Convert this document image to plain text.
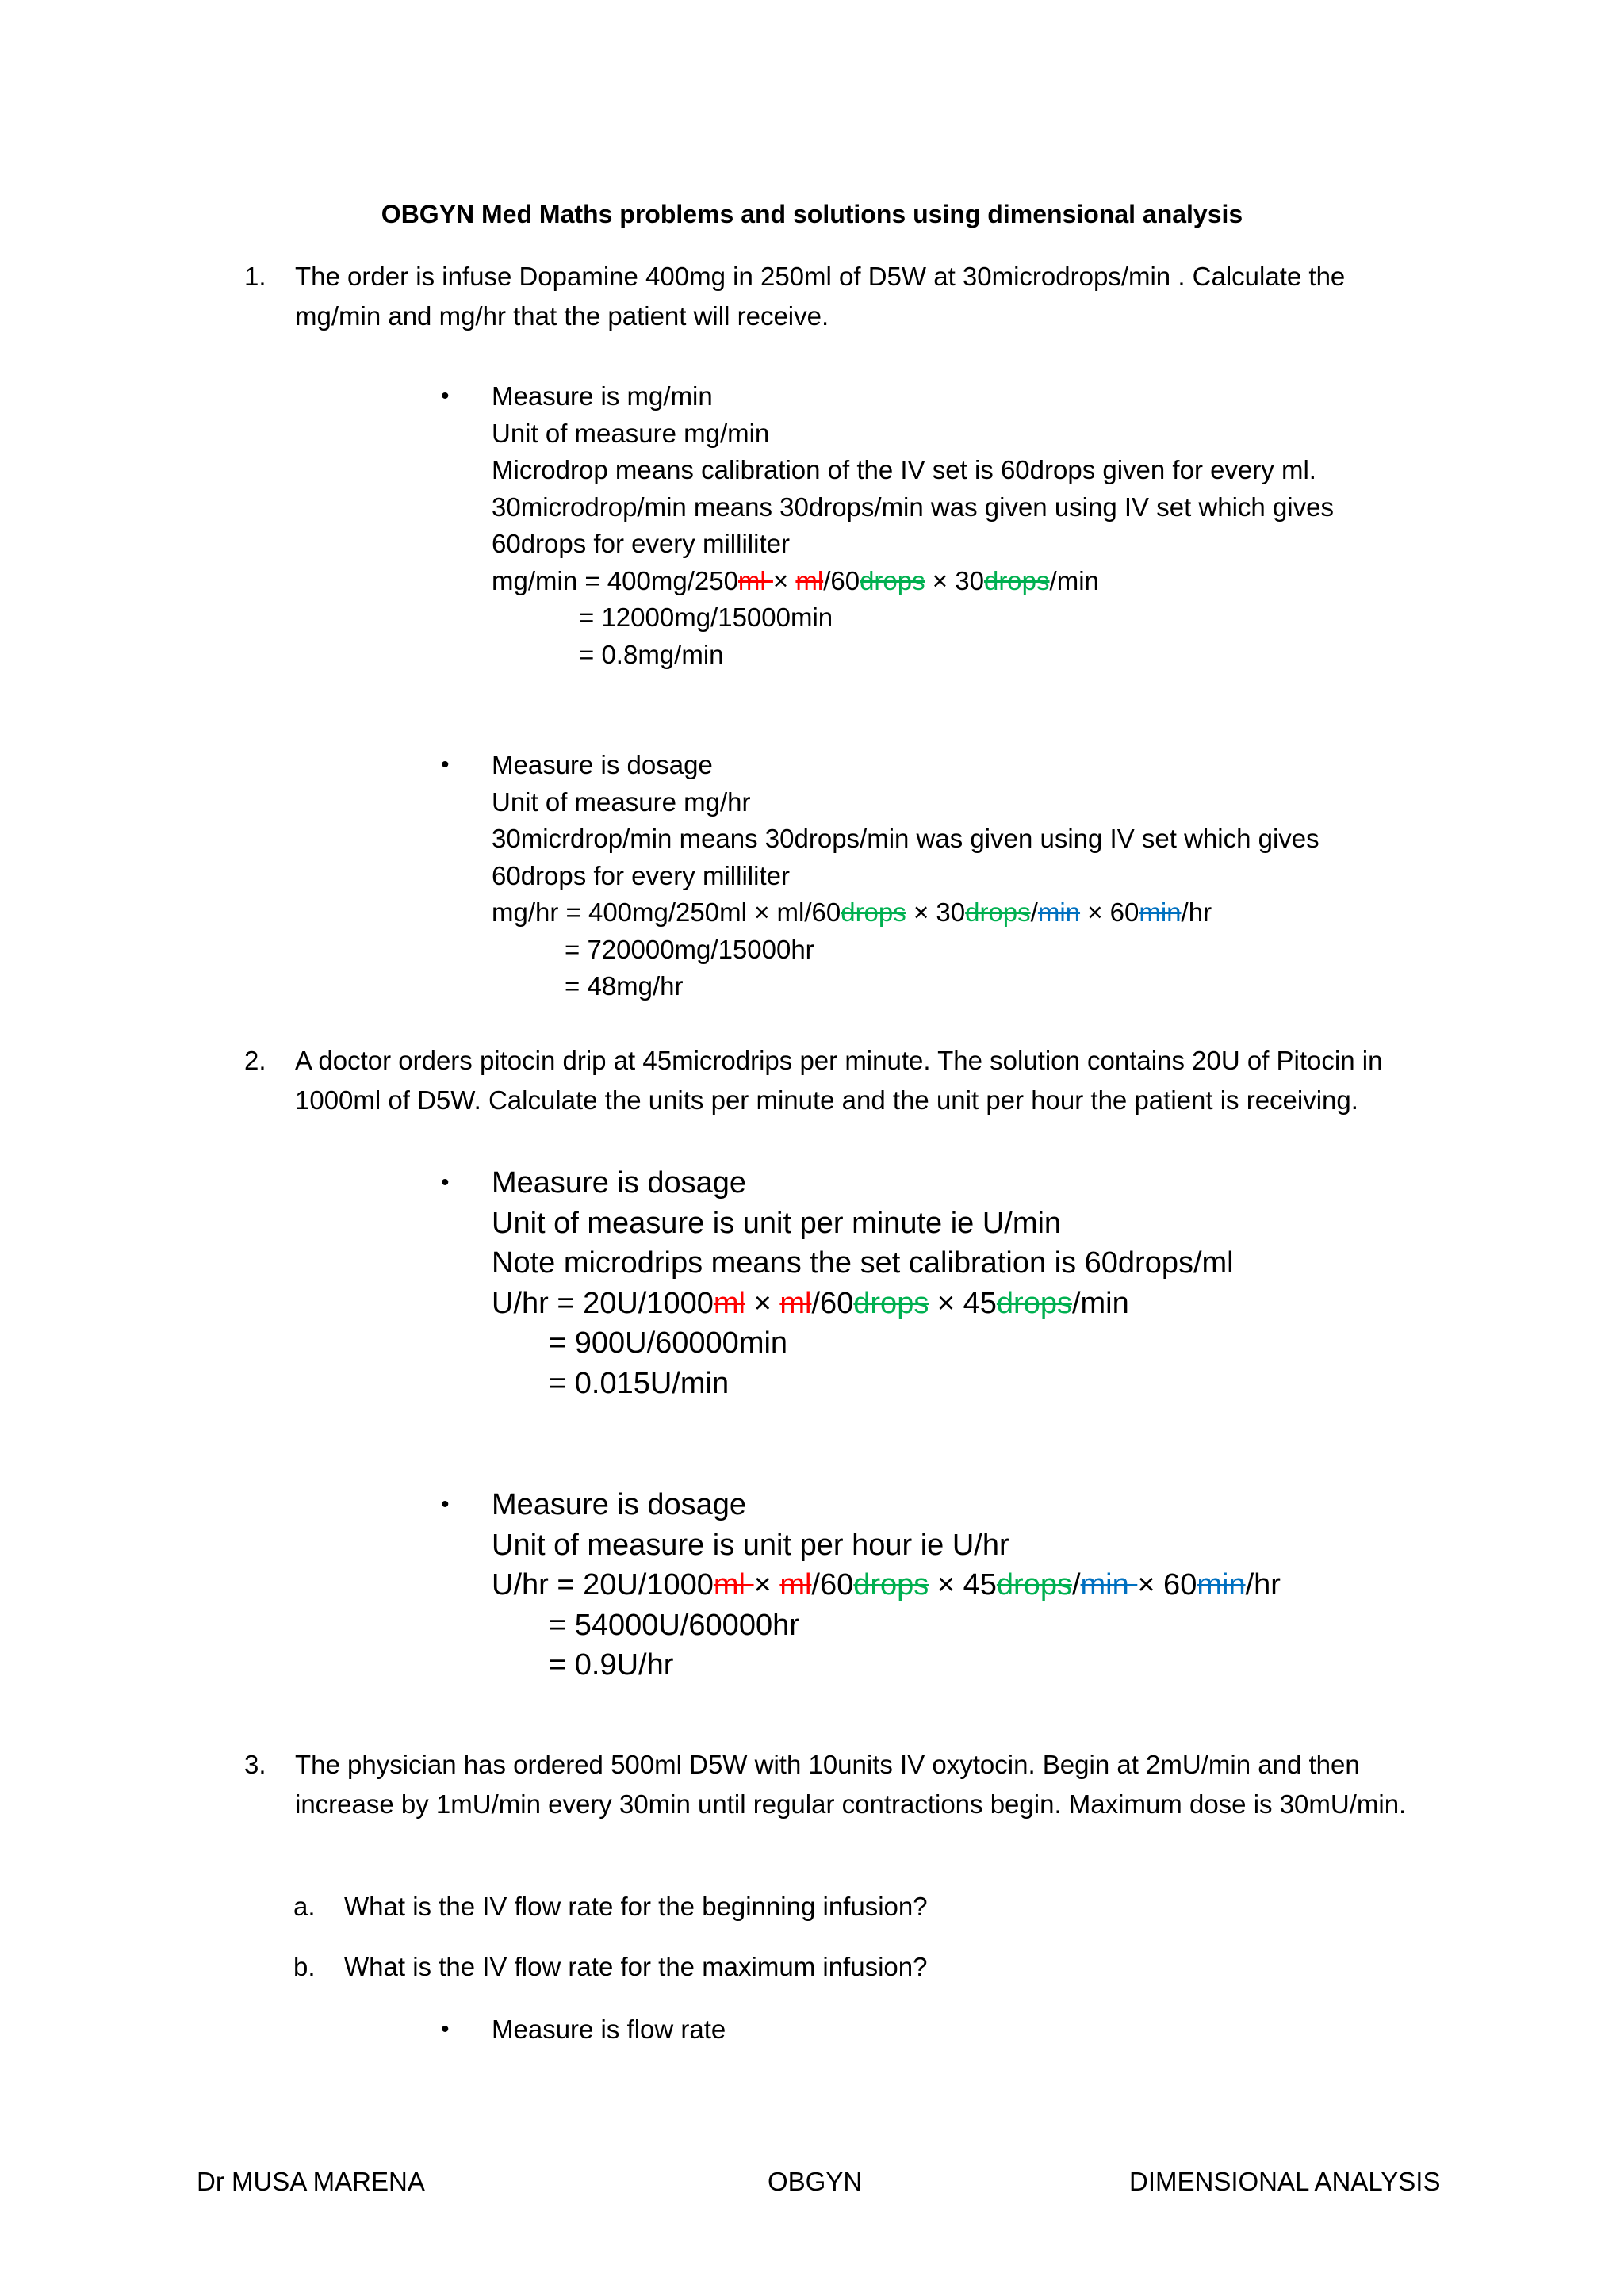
OBGYN Med Maths problems and solutions using dimensional analysis
1.	The order is infuse Dopamine 400mg in 250ml of D5W at 30microdrops/min . Calculate the mg/min and mg/hr that the patient will receive.
• Measure is mg/min
Unit of measure mg/min
Microdrop means calibration of the IV set is 60drops given for every ml.
30microdrop/min means 30drops/min was given using IV set which gives
60drops for every milliliter
mg/min = 400mg/250ml × ml/60drops × 30drops/min
= 12000mg/15000min
= 0.8mg/min
• Measure is dosage
Unit of measure mg/hr
30micrdrop/min means 30drops/min was given using IV set which gives
60drops for every milliliter
mg/hr = 400mg/250ml × ml/60drops × 30drops/min × 60min/hr
= 720000mg/15000hr
= 48mg/hr
2.	A doctor orders pitocin drip at 45microdrips per minute. The solution contains 20U of Pitocin in 1000ml of D5W. Calculate the units per minute and the unit per hour the patient is receiving.
• Measure is dosage
Unit of measure is unit per minute ie U/min
Note microdrips means the set calibration is 60drops/ml
U/hr = 20U/1000ml × ml/60drops × 45drops/min
= 900U/60000min
= 0.015U/min
• Measure is dosage
Unit of measure is unit per hour ie U/hr
U/hr = 20U/1000ml × ml/60drops × 45drops/min × 60min/hr
= 54000U/60000hr
= 0.9U/hr
3.	The physician has ordered 500ml D5W with 10units IV oxytocin. Begin at 2mU/min and then increase by 1mU/min every 30min until regular contractions begin. Maximum dose is 30mU/min.
a. What is the IV flow rate for the beginning infusion?
b. What is the IV flow rate for the maximum infusion?
• Measure is flow rate
Dr MUSA MARENA	OBGYN	DIMENSIONAL ANALYSIS
